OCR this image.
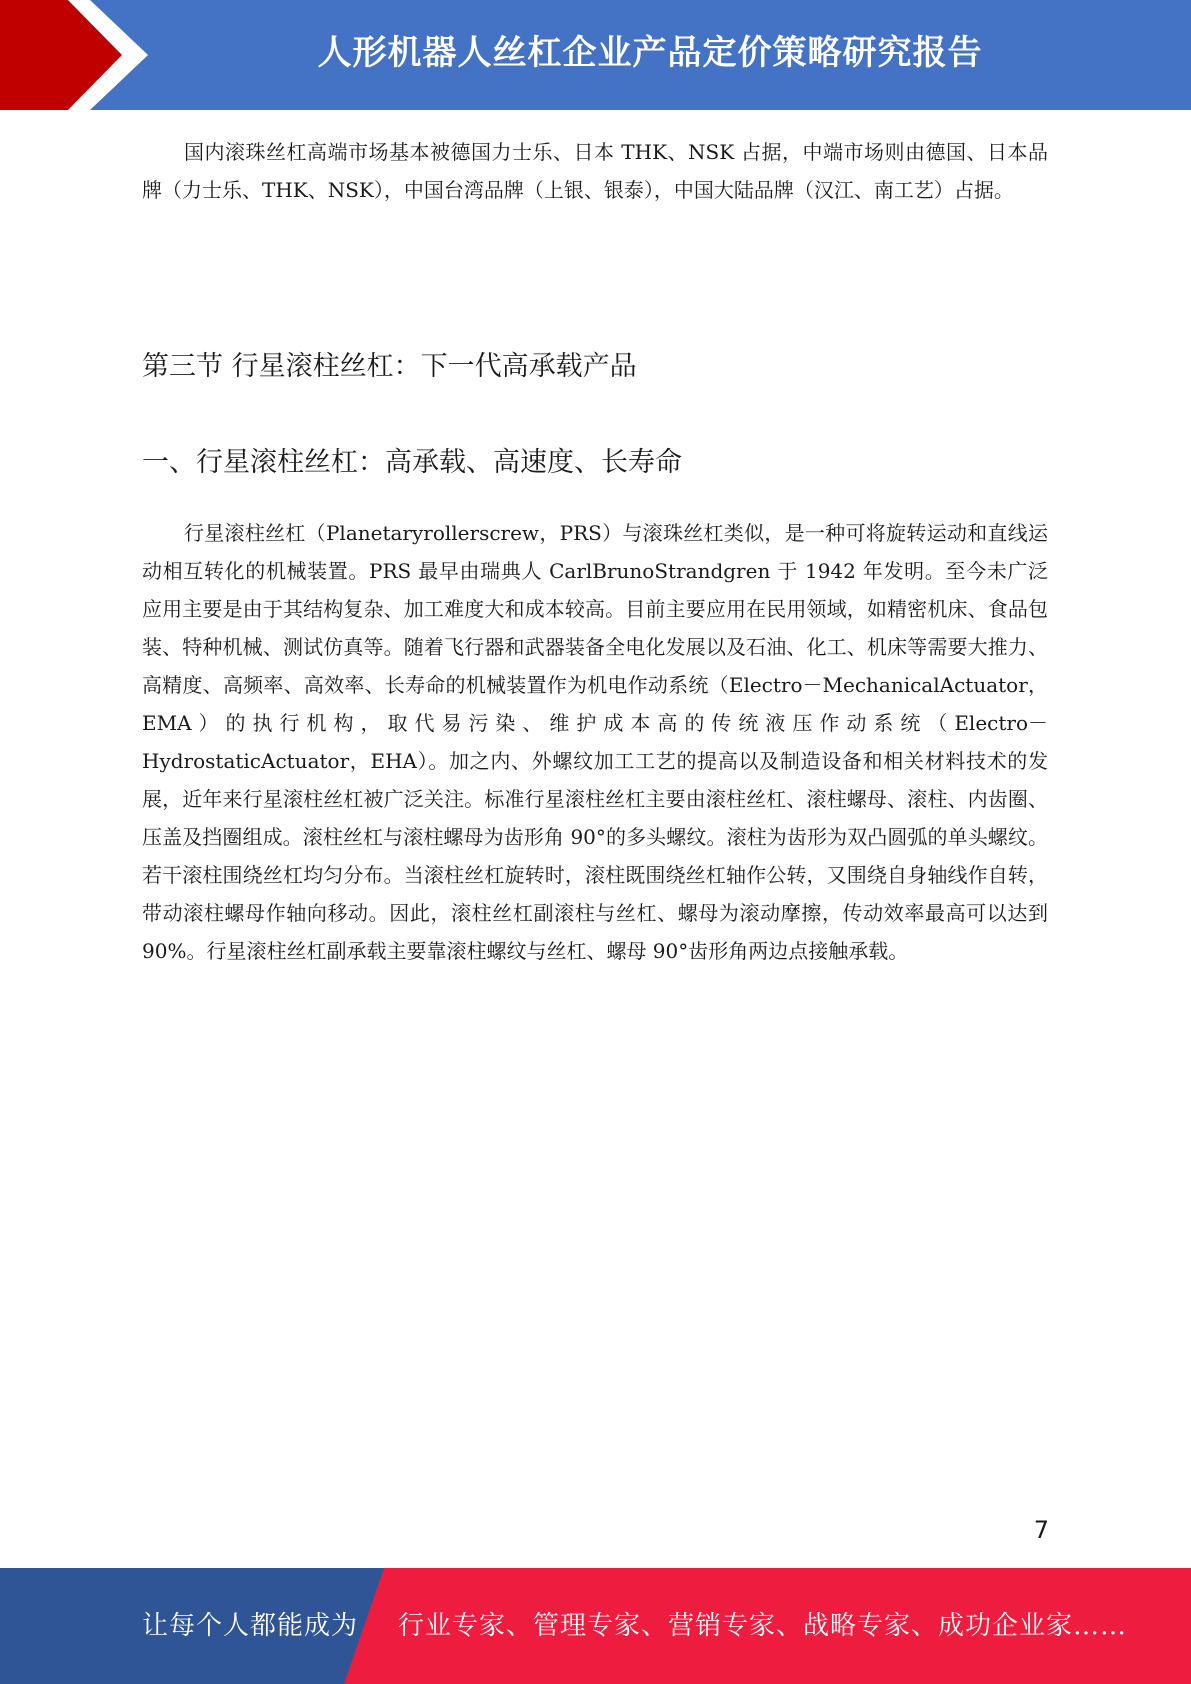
人形机器人丝杠企业产品定价策略研究报告

国内滚珠丝杠高端市场基本被德国力士乐、日本 THK、NSK 占据，中端市场则由德国、日本品牌（力士乐、THK、NSK），中国台湾品牌（上银、银泰），中国大陆品牌（汉江、南工艺）占据。

第三节 行星滚柱丝杠：下一代高承载产品
一、行星滚柱丝杠：高承载、高速度、长寿命

行星滚柱丝杠（Planetaryrollerscrew，PRS）与滚珠丝杠类似，是一种可将旋转运动和直线运动相互转化的机械装置。PRS 最早由瑞典人 CarlBrunoStrandgren 于 1942 年发明。至今未广泛应用主要是由于其结构复杂、加工难度大和成本较高。目前主要应用在民用领域，如精密机床、食品包装、特种机械、测试仿真等。随着飞行器和武器装备全电化发展以及石油、化工、机床等需要大推力、高精度、高频率、高效率、长寿命的机械装置作为机电作动系统（Electro－MechanicalActuator，EMA）的执行机构，取代易污染、维护成本高的传统液压作动系统（Electro－HydrostaticActuator，EHA）。加之内、外螺纹加工工艺的提高以及制造设备和相关材料技术的发展，近年来行星滚柱丝杠被广泛关注。标准行星滚柱丝杠主要由滚柱丝杠、滚柱螺母、滚柱、内齿圈、压盖及挡圈组成。滚柱丝杠与滚柱螺母为齿形角 90°的多头螺纹。滚柱为齿形为双凸圆弧的单头螺纹。若干滚柱围绕丝杠均匀分布。当滚柱丝杠旋转时，滚柱既围绕丝杠轴作公转，又围绕自身轴线作自转，带动滚柱螺母作轴向移动。因此，滚柱丝杠副滚柱与丝杠、螺母为滚动摩擦，传动效率最高可以达到 90%。行星滚柱丝杠副承载主要靠滚柱螺纹与丝杠、螺母 90°齿形角两边点接触承载。

7
让每个人都能成为 行业专家、管理专家、营销专家、战略专家、成功企业家……
